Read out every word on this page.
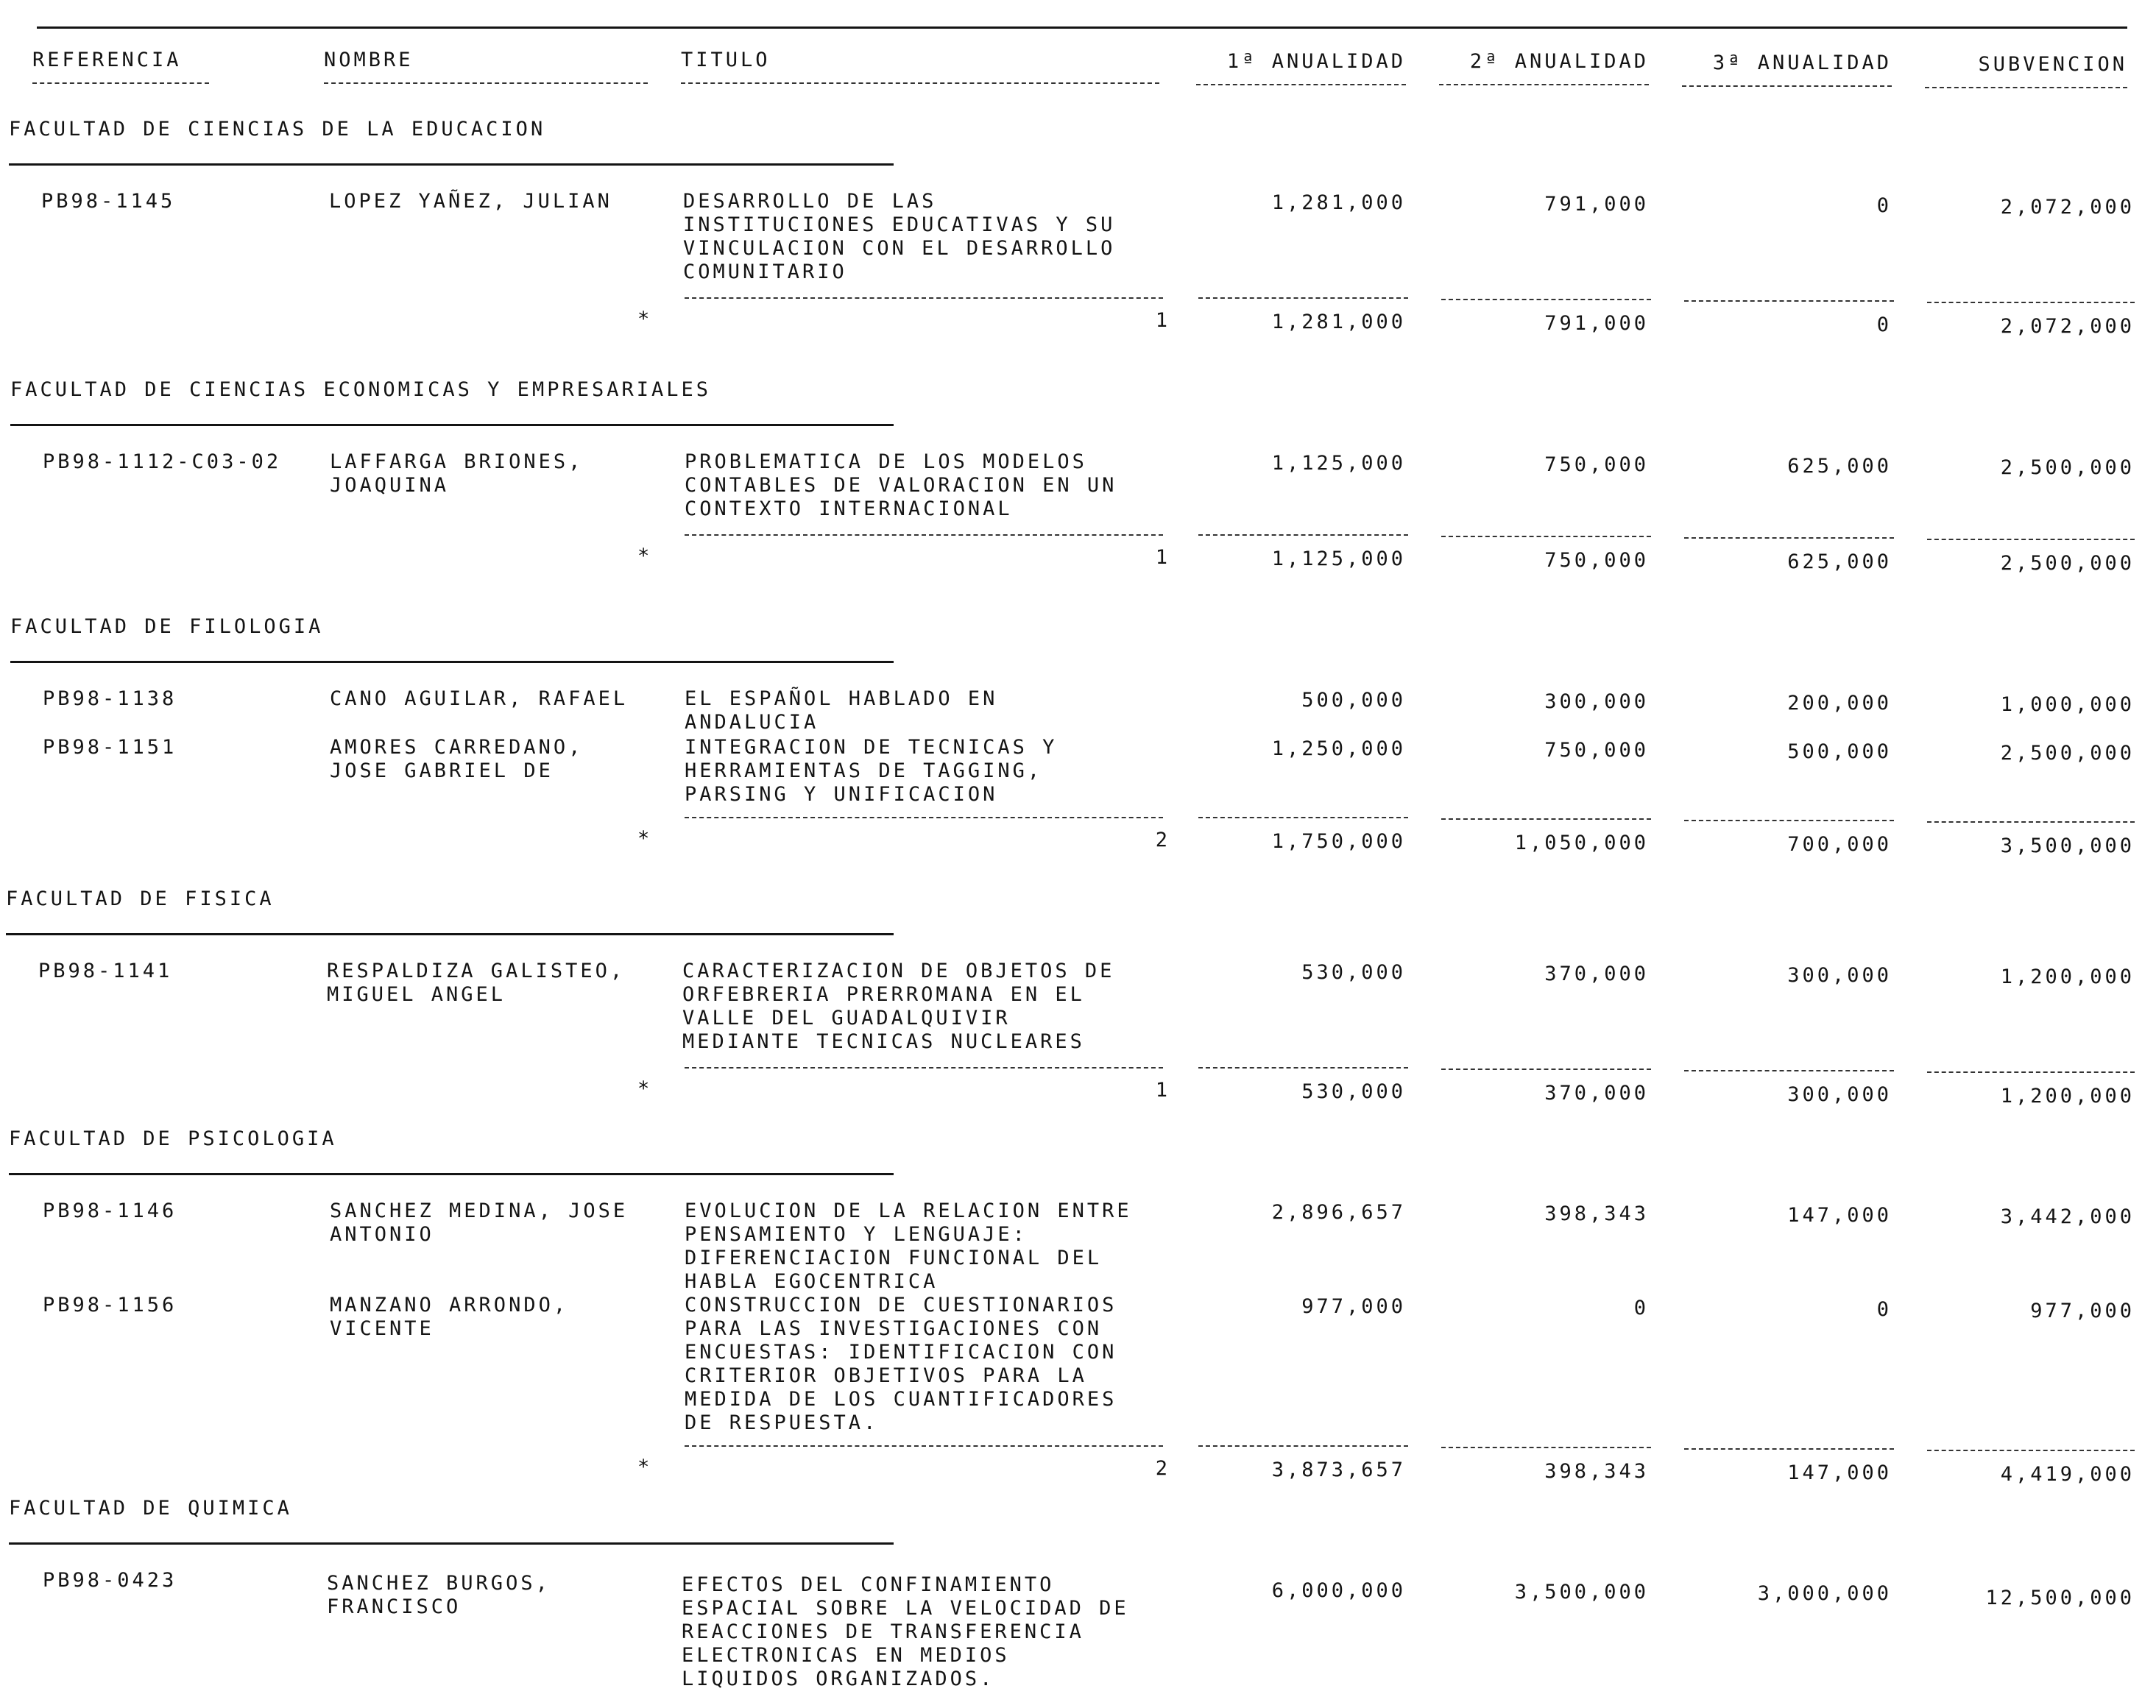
REFERENCIA	NOMBRE	TITULO	1ª ANUALIDAD	2ª ANUALIDAD	3ª ANUALIDAD	SUBVENCION
FACULTAD DE CIENCIAS DE LA EDUCACION
PB98-1145	LOPEZ YAÑEZ, JULIAN	DESARROLLO DE LAS
INSTITUCIONES EDUCATIVAS Y SU
VINCULACION CON EL DESARROLLO
COMUNITARIO
1,281,000	791,000	0	2,072,000
*	1	1,281,000	791,000	0	2,072,000
FACULTAD DE CIENCIAS ECONOMICAS Y EMPRESARIALES
PB98-1112-C03-02 LAFFARGA BRIONES,
JOAQUINA
PROBLEMATICA DE LOS MODELOS
CONTABLES DE VALORACION EN UN
CONTEXTO INTERNACIONAL
1,125,000	750,000	625,000	2,500,000
*	1	1,125,000	750,000	625,000	2,500,000
FACULTAD DE FILOLOGIA
PB98-1138	CANO AGUILAR, RAFAEL	EL ESPAÑOL HABLADO EN
ANDALUCIA
500,000	300,000	200,000	1,000,000
PB98-1151	AMORES CARREDANO,
JOSE GABRIEL DE
INTEGRACION DE TECNICAS Y
HERRAMIENTAS DE TAGGING,
PARSING Y UNIFICACION
1,250,000	750,000	500,000	2,500,000
*	2	1,750,000	1,050,000	700,000	3,500,000
FACULTAD DE FISICA
PB98-1141	RESPALDIZA GALISTEO,
MIGUEL ANGEL
CARACTERIZACION DE OBJETOS DE
ORFEBRERIA PRERROMANA EN EL
VALLE DEL GUADALQUIVIR
MEDIANTE TECNICAS NUCLEARES
530,000	370,000	300,000	1,200,000
*	1	530,000	370,000	300,000	1,200,000
FACULTAD DE PSICOLOGIA
PB98-1146	SANCHEZ MEDINA, JOSE
ANTONIO
EVOLUCION DE LA RELACION ENTRE
PENSAMIENTO Y LENGUAJE:
DIFERENCIACION FUNCIONAL DEL
HABLA EGOCENTRICA
2,896,657	398,343	147,000	3,442,000
PB98-1156	MANZANO ARRONDO,
VICENTE
CONSTRUCCION DE CUESTIONARIOS
PARA LAS INVESTIGACIONES CON
ENCUESTAS: IDENTIFICACION CON
CRITERIOR OBJETIVOS PARA LA
MEDIDA DE LOS CUANTIFICADORES
DE RESPUESTA.
977,000	0	0	977,000
*	2	3,873,657	398,343	147,000	4,419,000
FACULTAD DE QUIMICA
PB98-0423	SANCHEZ BURGOS,
FRANCISCO
EFECTOS DEL CONFINAMIENTO
ESPACIAL SOBRE LA VELOCIDAD DE
REACCIONES DE TRANSFERENCIA
ELECTRONICAS EN MEDIOS
LIQUIDOS ORGANIZADOS.
6,000,000	3,500,000	3,000,000	12,500,000
